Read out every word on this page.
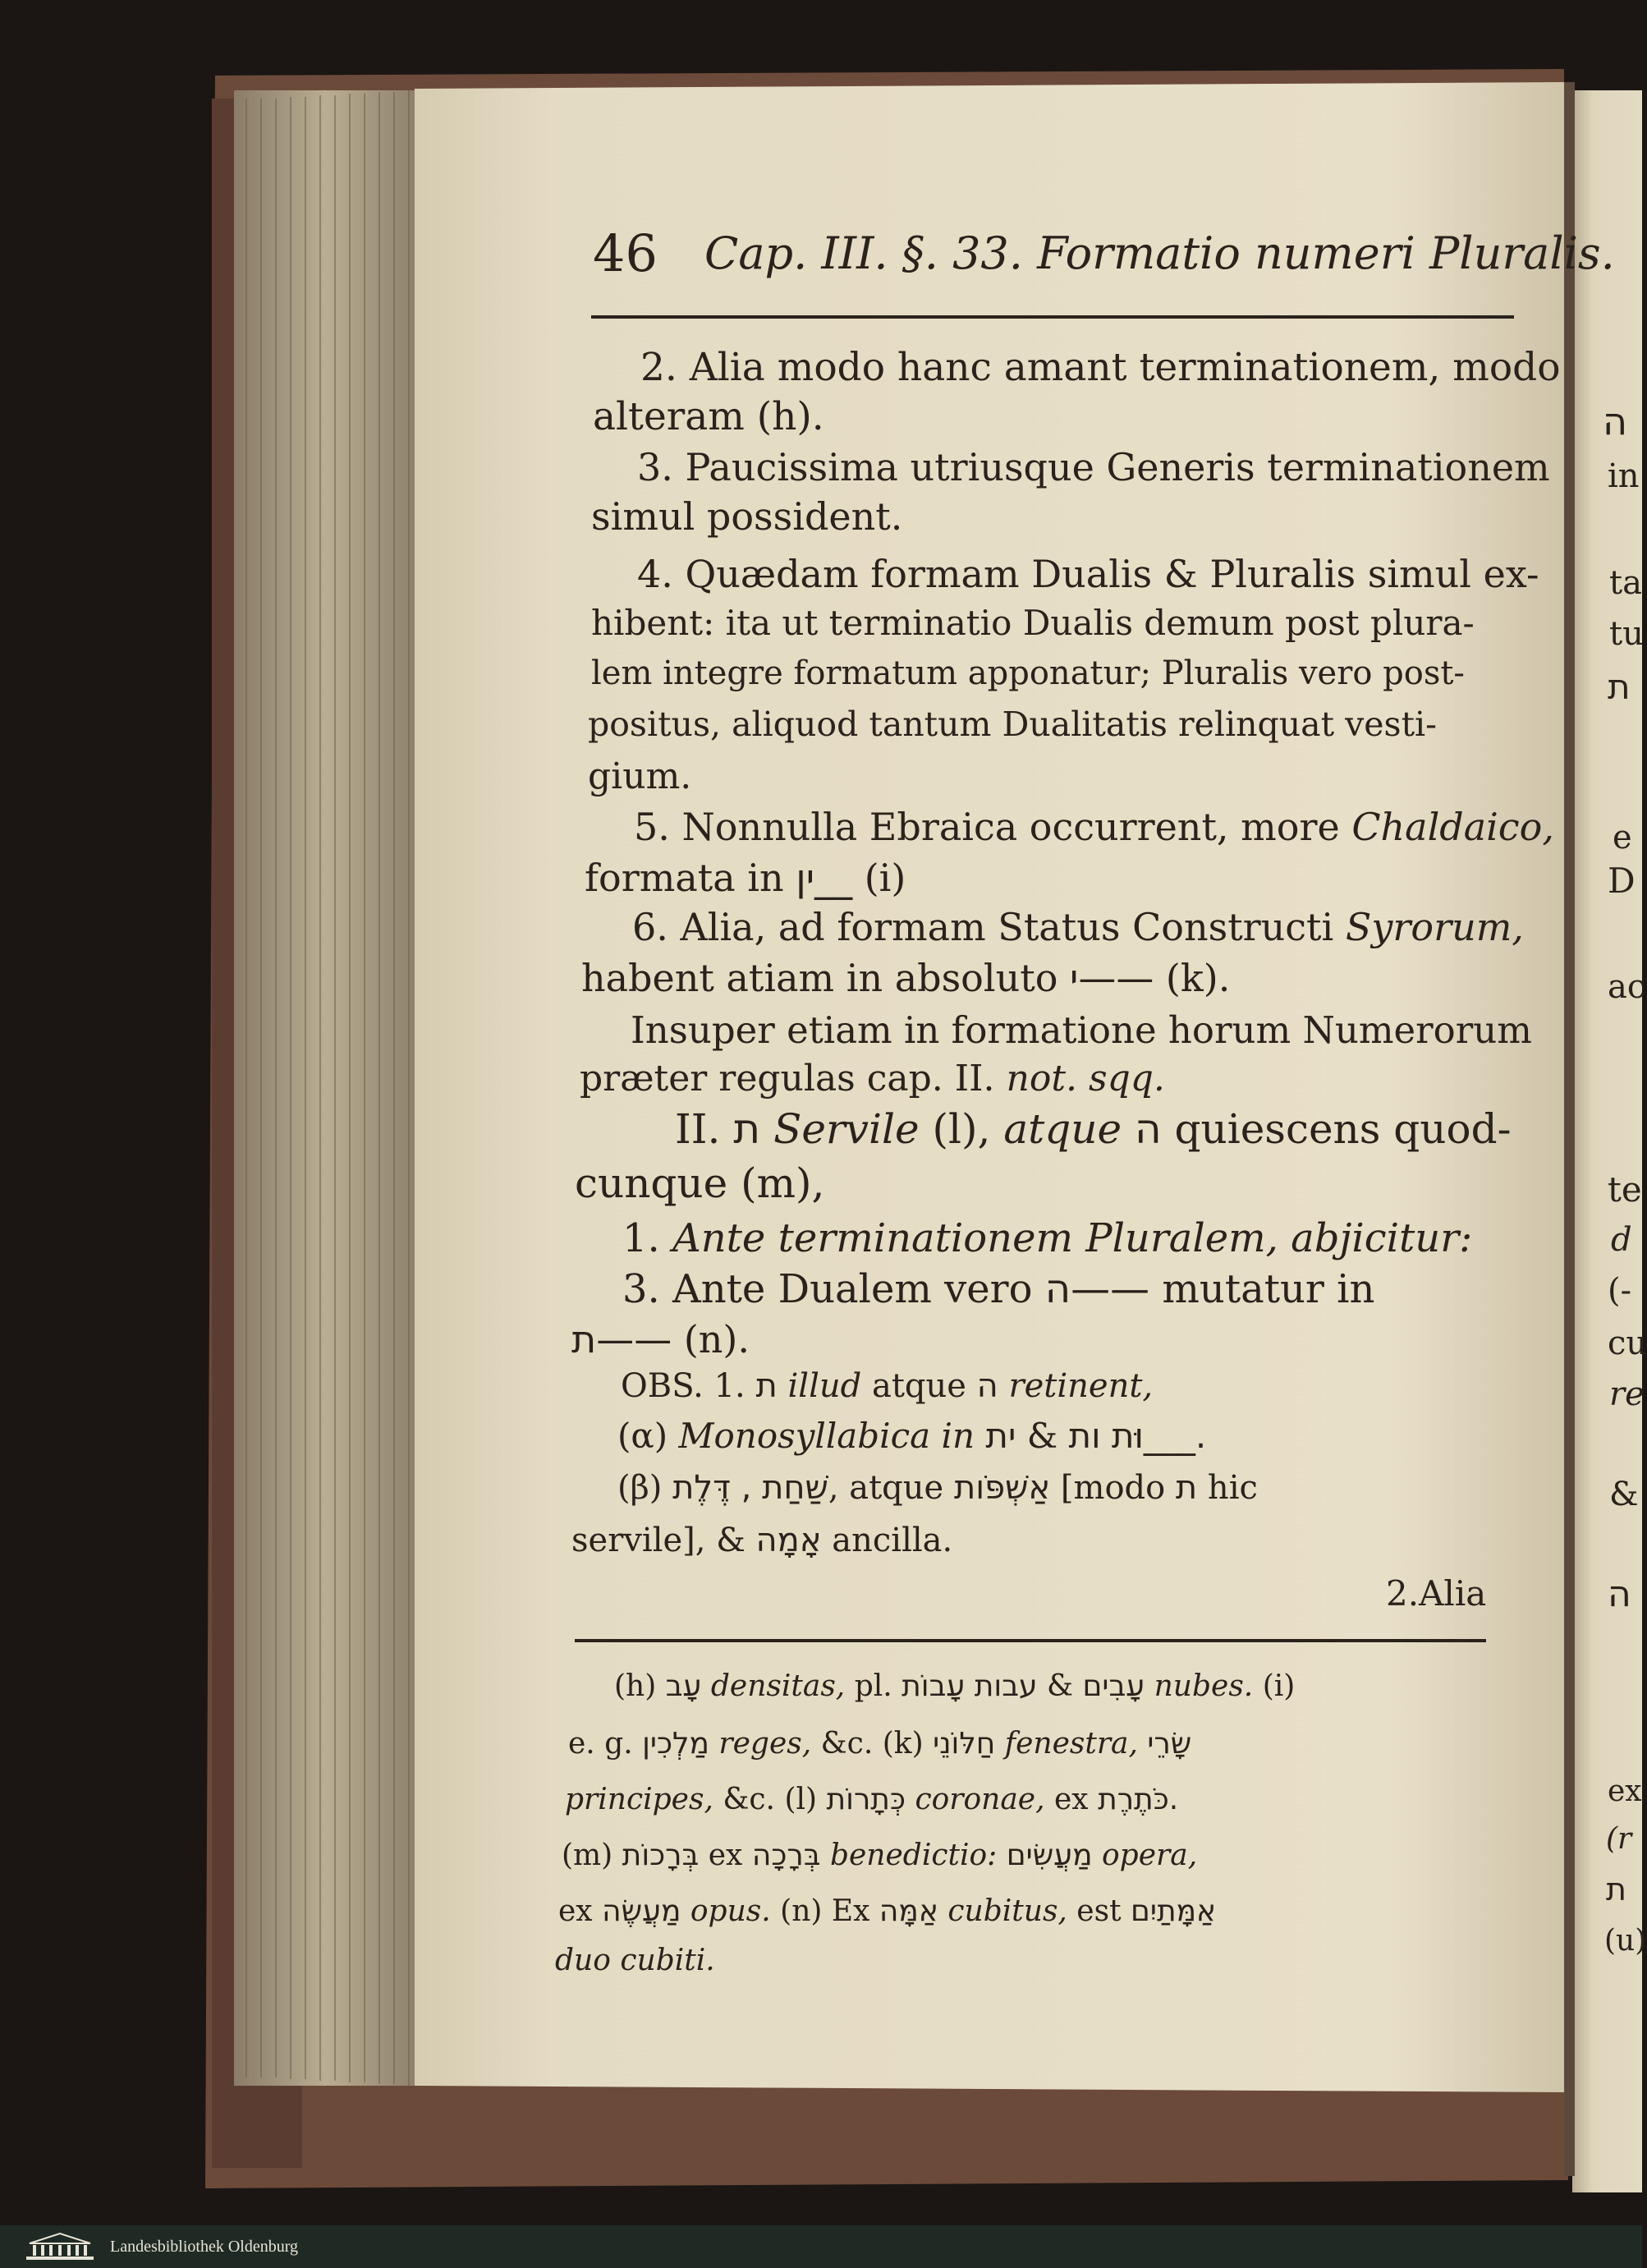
46 Cap. III. §. 33. Formatio numeri Pluralis.
2. Alia modo hanc amant terminationem, modo
alteram (h).
3. Paucissima utriusque Generis terminationem
simul possident.
4. Quædam formam Dualis & Pluralis simul ex-
hibent: ita ut terminatio Dualis demum post plura-
lem integre formatum apponatur; Pluralis vero post-
positus, aliquod tantum Dualitatis relinquat vesti-
gium.
5. Nonnulla Ebraica occurrent, more Chaldaico,
formata in ין__ (i)
6. Alia, ad formam Status Constructi Syrorum,
habent atiam in absoluto י—— (k).
Insuper etiam in formatione horum Numerorum
præter regulas cap. II. not. sqq.
II. ת Servile (l), atque ה quiescens quod-
cunque (m),
1. Ante terminationem Pluralem, abjicitur:
3. Ante Dualem vero ה—— mutatur in
ת—— (n).
OBS. 1. ת illud atque ה retinent,
(α) Monosyllabica in וּת ות & ית___.
(β) שַׁחַת , דֶּלֶת, atque אַשְׁפֹּות [modo ת hic
servile], & אָמָה ancilla.
2.Alia
(h) עָב densitas, pl.	עָבִים & עבות עָבוֹת	nubes. (i)
e. g. מַלְכִין reges, &c. (k) חַלּוֹנֵי fenestra, שָׂרֵי
principes, &c. (l) כְּתָרוֹת coronae, ex כֹּתֶרֶת.
(m) בְּרָכוֹת ex בְּרָכָה benedictio: מַעֲשִׂים opera,
ex מַעֲשֶׂה opus. (n) Ex אַמָּה cubitus, est אַמָּתַיִם
duo cubiti.
ה
in
ta
tu
ת
e
D
ac
te
d
(-
cu
re
&
ה
ex
(r
ת
(u)
Landesbibliothek Oldenburg
